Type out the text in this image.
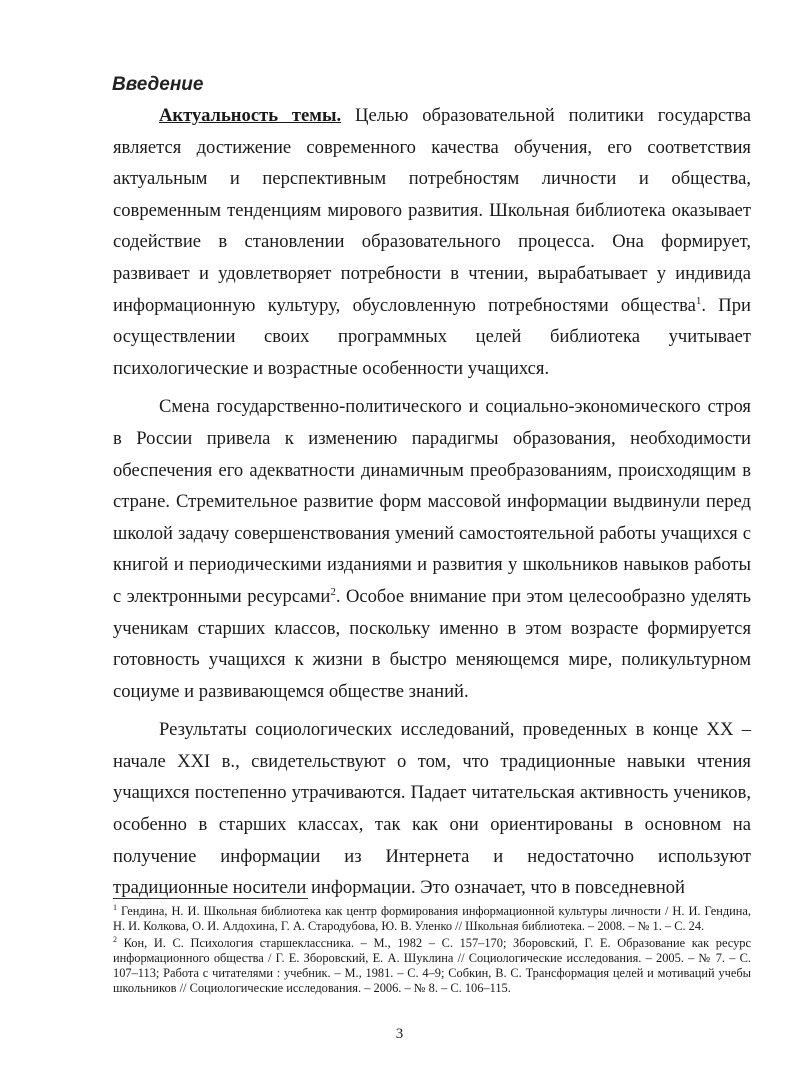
Введение

Актуальность темы. Целью образовательной политики государства является достижение современного качества обучения, его соответствия актуальным и перспективным потребностям личности и общества, современным тенденциям мирового развития. Школьная библиотека оказывает содействие в становлении образовательного процесса. Она формирует, развивает и удовлетворяет потребности в чтении, вырабатывает у индивида информационную культуру, обусловленную потребностями общества$^1$. При осуществлении своих программных целей библиотека учитывает психологические и возрастные особенности учащихся.

Смена государственно-политического и социально-экономического строя в России привела к изменению парадигмы образования, необходимости обеспечения его адекватности динамичным преобразованиям, происходящим в стране. Стремительное развитие форм массовой информации выдвинули перед школой задачу совершенствования умений самостоятельной работы учащихся с книгой и периодическими изданиями и развития у школьников навыков работы с электронными ресурсами$^2$. Особое внимание при этом целесообразно уделять ученикам старших классов, поскольку именно в этом возрасте формируется готовность учащихся к жизни в быстро меняющемся мире, поликультурном социуме и развивающемся обществе знаний.

Результаты социологических исследований, проведенных в конце XX – начале XXI в., свидетельствуют о том, что традиционные навыки чтения учащихся постепенно утрачиваются. Падает читательская активность учеников, особенно в старших классах, так как они ориентированы в основном на получение информации из Интернета и недостаточно используют традиционные носители информации. Это означает, что в повседневной

$^1$ Гендина, Н. И. Школьная библиотека как центр формирования информационной культуры личности / Н. И. Гендина, Н. И. Колкова, О. И. Алдохина, Г. А. Стародубова, Ю. В. Уленко // Школьная библиотека. – 2008. – № 1. – С. 24.

$^2$ Кон, И. С. Психология старшеклассника. – М., 1982 – С. 157–170; Зборовский, Г. Е. Образование как ресурс информационного общества / Г. Е. Зборовский, Е. А. Шуклина // Социологические исследования. – 2005. – № 7. – С. 107–113; Работа с читателями : учебник. – М., 1981. – С. 4–9; Собкин, В. С. Трансформация целей и мотиваций учебы школьников // Социологические исследования. – 2006. – № 8. – С. 106–115.

3
